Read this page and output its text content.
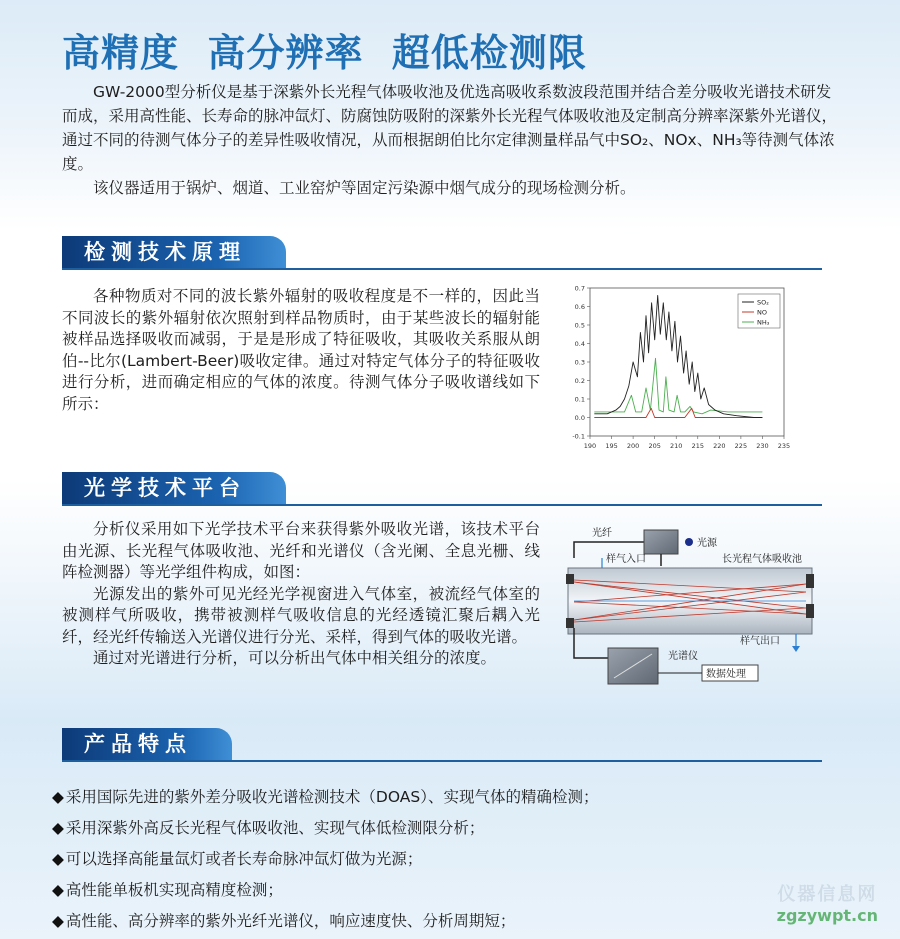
高精度  高分辨率  超低检测限

GW-2000型分析仪是基于深紫外长光程气体吸收池及优选高吸收系数波段范围并结合差分吸收光谱技术研发而成，采用高性能、长寿命的脉冲氙灯、防腐蚀防吸附的深紫外长光程气体吸收池及定制高分辨率深紫外光谱仪，通过不同的待测气体分子的差异性吸收情况，从而根据朗伯比尔定律测量样品气中SO₂、NOx、NH₃等待测气体浓度。

该仪器适用于锅炉、烟道、工业窑炉等固定污染源中烟气成分的现场检测分析。

检测技术原理

各种物质对不同的波长紫外辐射的吸收程度是不一样的，因此当不同波长的紫外辐射依次照射到样品物质时，由于某些波长的辐射能被样品选择吸收而减弱，于是是形成了特征吸收，其吸收关系服从朗伯--比尔(Lambert-Beer)吸收定律。通过对特定气体分子的特征吸收进行分析，进而确定相应的气体的浓度。待测气体分子吸收谱线如下所示：

-0.1
0.0
0.1
0.2
0.3
0.4
0.5
0.6
0.7
190 195 200 205 210 215 220 225 230 235
SO₂
NO
NH₃
光学技术平台

分析仪采用如下光学技术平台来获得紫外吸收光谱，该技术平台由光源、长光程气体吸收池、光纤和光谱仪（含光阑、全息光栅、线阵检测器）等光学组件构成，如图：

光源发出的紫外可见光经光学视窗进入气体室，被流经气体室的被测样气所吸收，携带被测样气吸收信息的光经透镜汇聚后耦入光纤，经光纤传输送入光谱仪进行分光、采样，得到气体的吸收光谱。

通过对光谱进行分析，可以分析出气体中相关组分的浓度。

光纤
光源
样气入口	长光程气体吸收池
样气出口
光谱仪
数据处理
产品特点
◆ 采用国际先进的紫外差分吸收光谱检测技术（DOAS）、实现气体的精确检测；
◆ 采用深紫外高反长光程气体吸收池、实现气体低检测限分析；
◆ 可以选择高能量氙灯或者长寿命脉冲氙灯做为光源；
◆ 高性能单板机实现高精度检测；
◆ 高性能、高分辨率的紫外光纤光谱仪，响应速度快、分析周期短；
仪器信息网
zgzywpt.cn
